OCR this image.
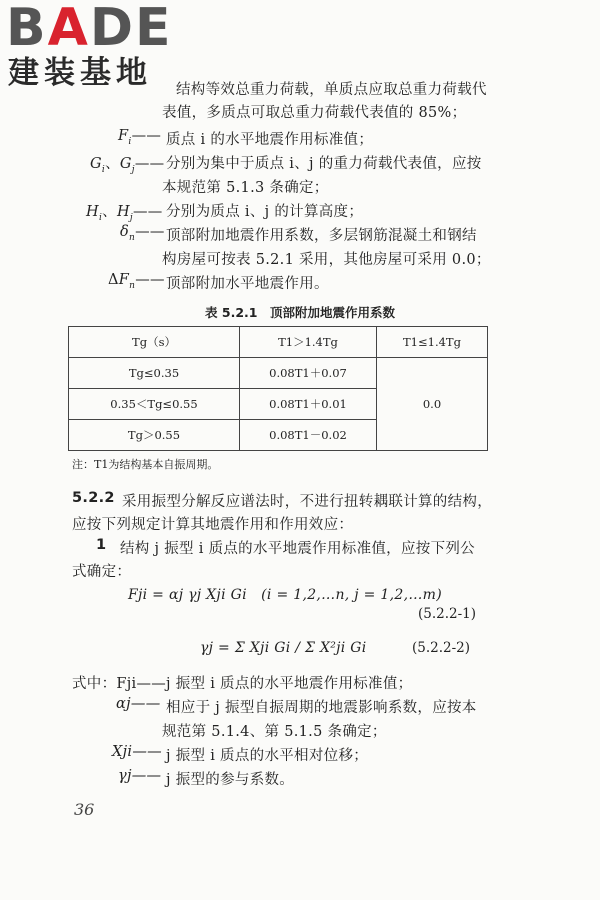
BADE
建装基地 结构等效总重力荷载，单质点应取总重力荷载代
表值，多质点可取总重力荷载代表值的 85%；
$F_i——$ 质点 i 的水平地震作用标准值；
$G_i$、$G_j——$ 分别为集中于质点 i、j 的重力荷载代表值，应按
本规范第 5.1.3 条确定；
$H_i$、$H_j——$ 分别为质点 i、j 的计算高度；
$\delta_n——$ 顶部附加地震作用系数，多层钢筋混凝土和钢结
构房屋可按表 5.2.1 采用，其他房屋可采用 0.0；
$\Delta F_n——$ 顶部附加水平地震作用。
表 5.2.1　顶部附加地震作用系数
Tg（s）	T1＞1.4Tg	T1≤1.4Tg
Tg≤0.35	0.08T1＋0.07	0.0
0.35＜Tg≤0.55	0.08T1＋0.01	
Tg＞0.55	0.08T1－0.02	
注：T1为结构基本自振周期。
5.2.2 采用振型分解反应谱法时，不进行扭转耦联计算的结构，
应按下列规定计算其地震作用和作用效应：
1 结构 j 振型 i 质点的水平地震作用标准值，应按下列公
式确定：
Fji = αj γj Xji Gi　(i = 1,2,…n, j = 1,2,…m)
(5.2.2-1)
γj = Σ Xji Gi / Σ X²ji Gi	(5.2.2-2)
式中：Fji—— j 振型 i 质点的水平地震作用标准值；
αj—— 相应于 j 振型自振周期的地震影响系数，应按本
规范第 5.1.4、第 5.1.5 条确定；
Xji—— j 振型 i 质点的水平相对位移；
γj—— j 振型的参与系数。
36
